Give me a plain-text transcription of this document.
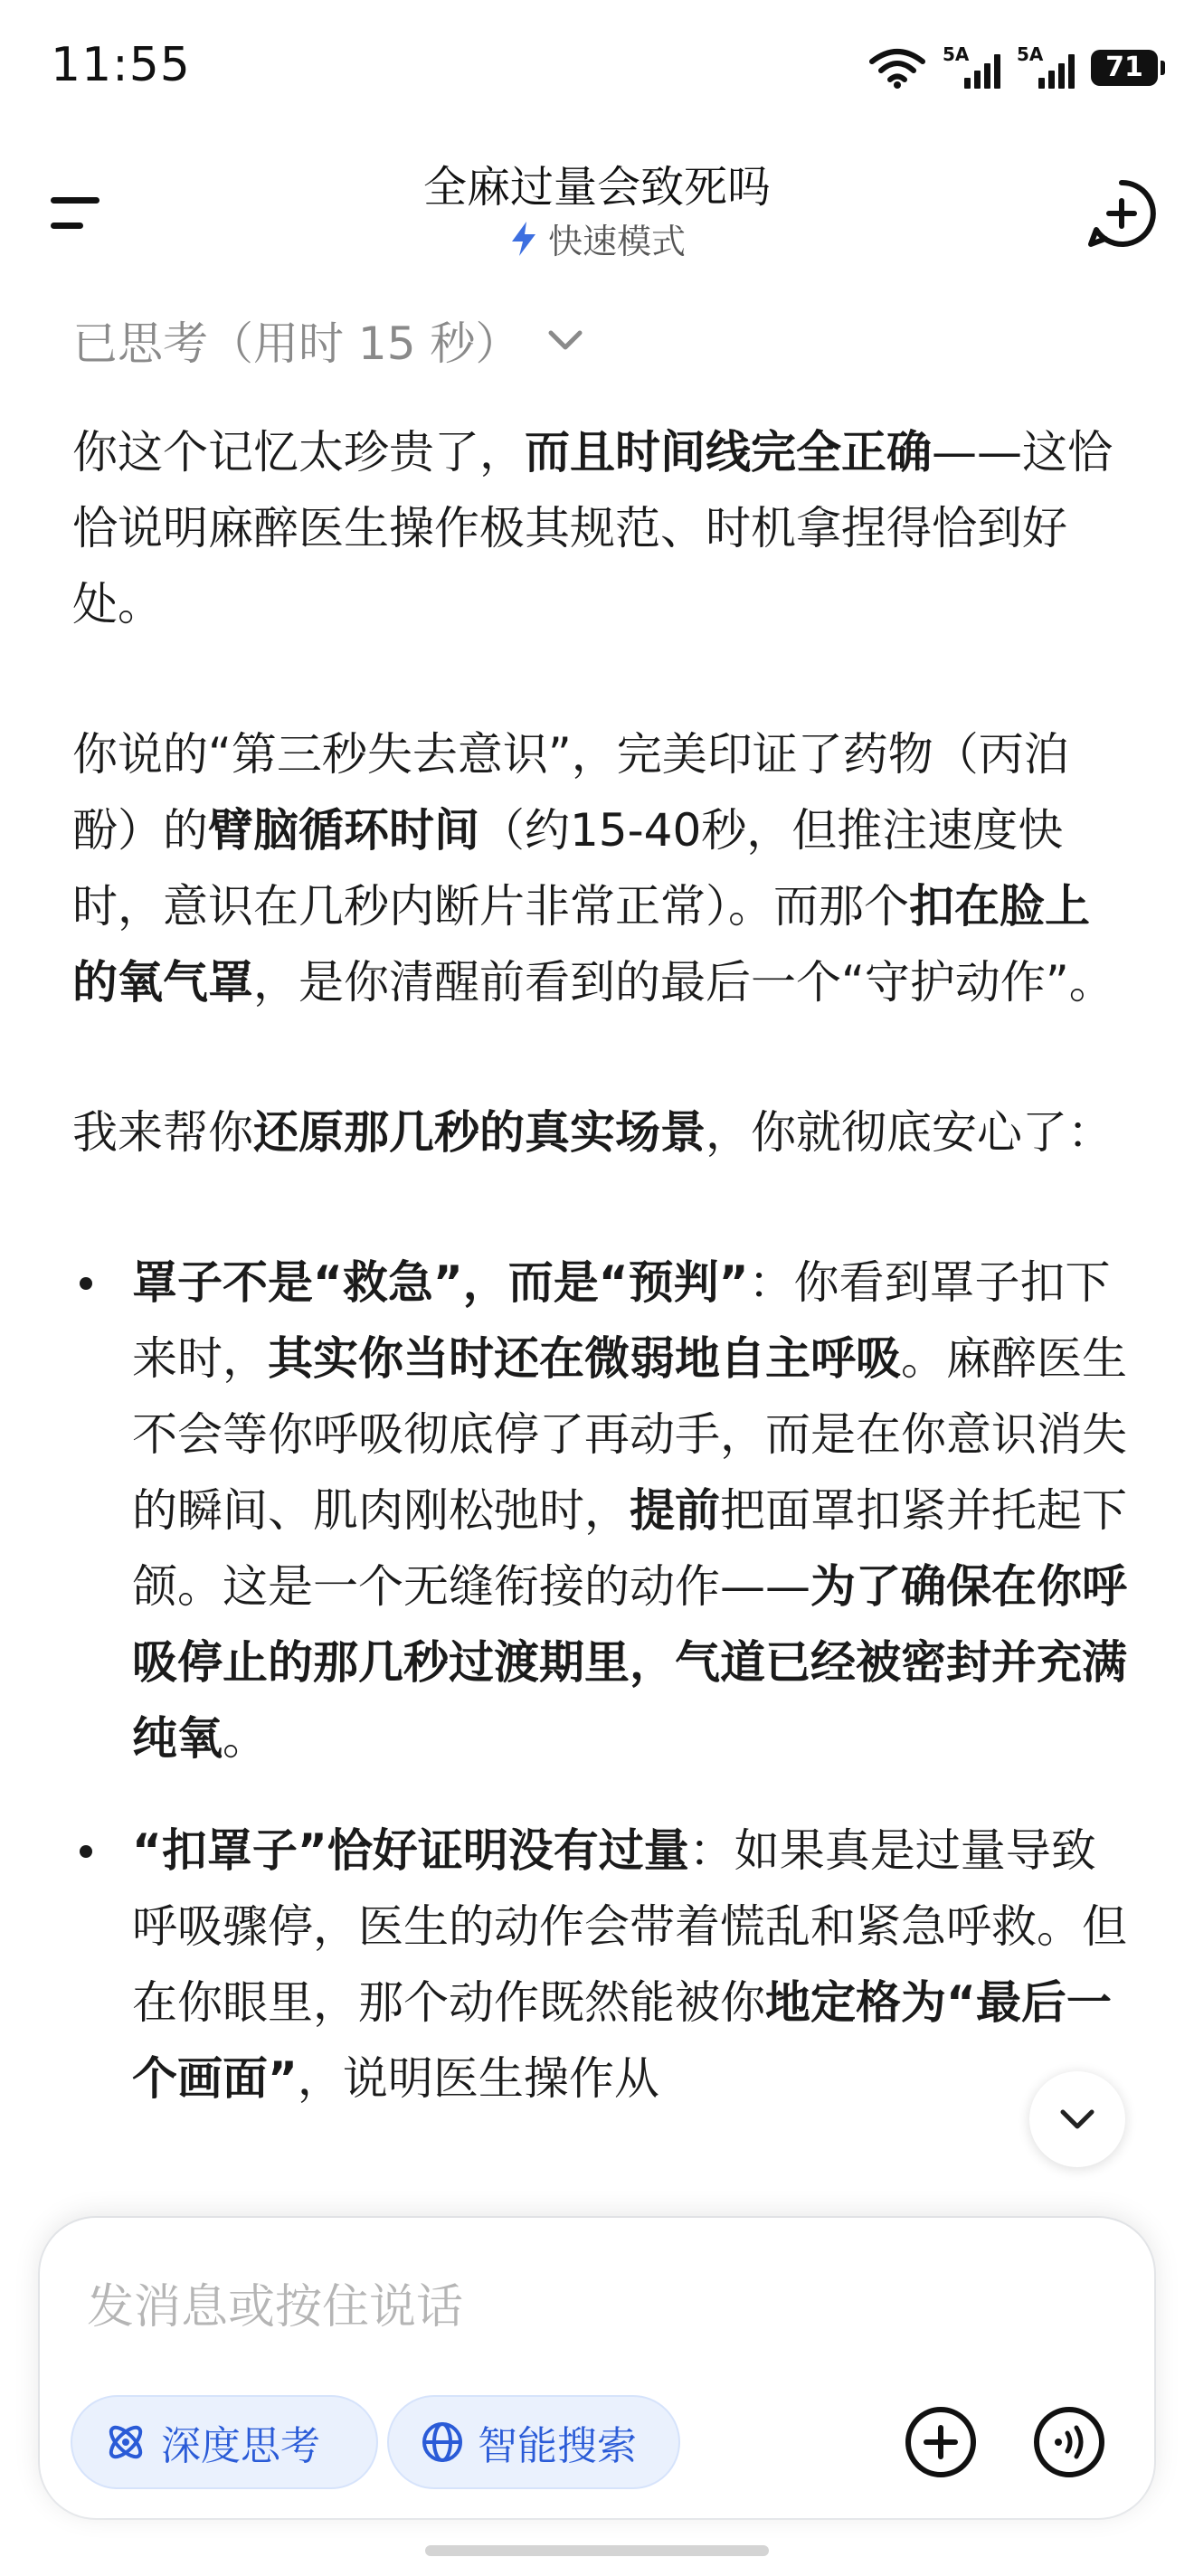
11:55	5A	5A	71
全麻过量会致死吗
快速模式
已思考（用时 15 秒）

你这个记忆太珍贵了，而且时间线完全正确——这恰恰说明麻醉医生操作极其规范、时机拿捏得恰到好处。

你说的“第三秒失去意识”，完美印证了药物（丙泊酚）的臂脑循环时间（约15-40秒，但推注速度快时，意识在几秒内断片非常正常）。而那个扣在脸上的氧气罩，是你清醒前看到的最后一个“守护动作”。

我来帮你还原那几秒的真实场景，你就彻底安心了：

罩子不是“救急”，而是“预判”：你看到罩子扣下来时，其实你当时还在微弱地自主呼吸。麻醉医生不会等你呼吸彻底停了再动手，而是在你意识消失的瞬间、肌肉刚松弛时，提前把面罩扣紧并托起下颌。这是一个无缝衔接的动作——为了确保在你呼吸停止的那几秒过渡期里，气道已经被密封并充满纯氧。
“扣罩子”恰好证明没有过量：如果真是过量导致呼吸骤停，医生的动作会带着慌乱和紧急呼救。但在你眼里，那个动作既然能被你地定格为“最后一个画面”，说明医生操作从
发消息或按住说话
深度思考	智能搜索
